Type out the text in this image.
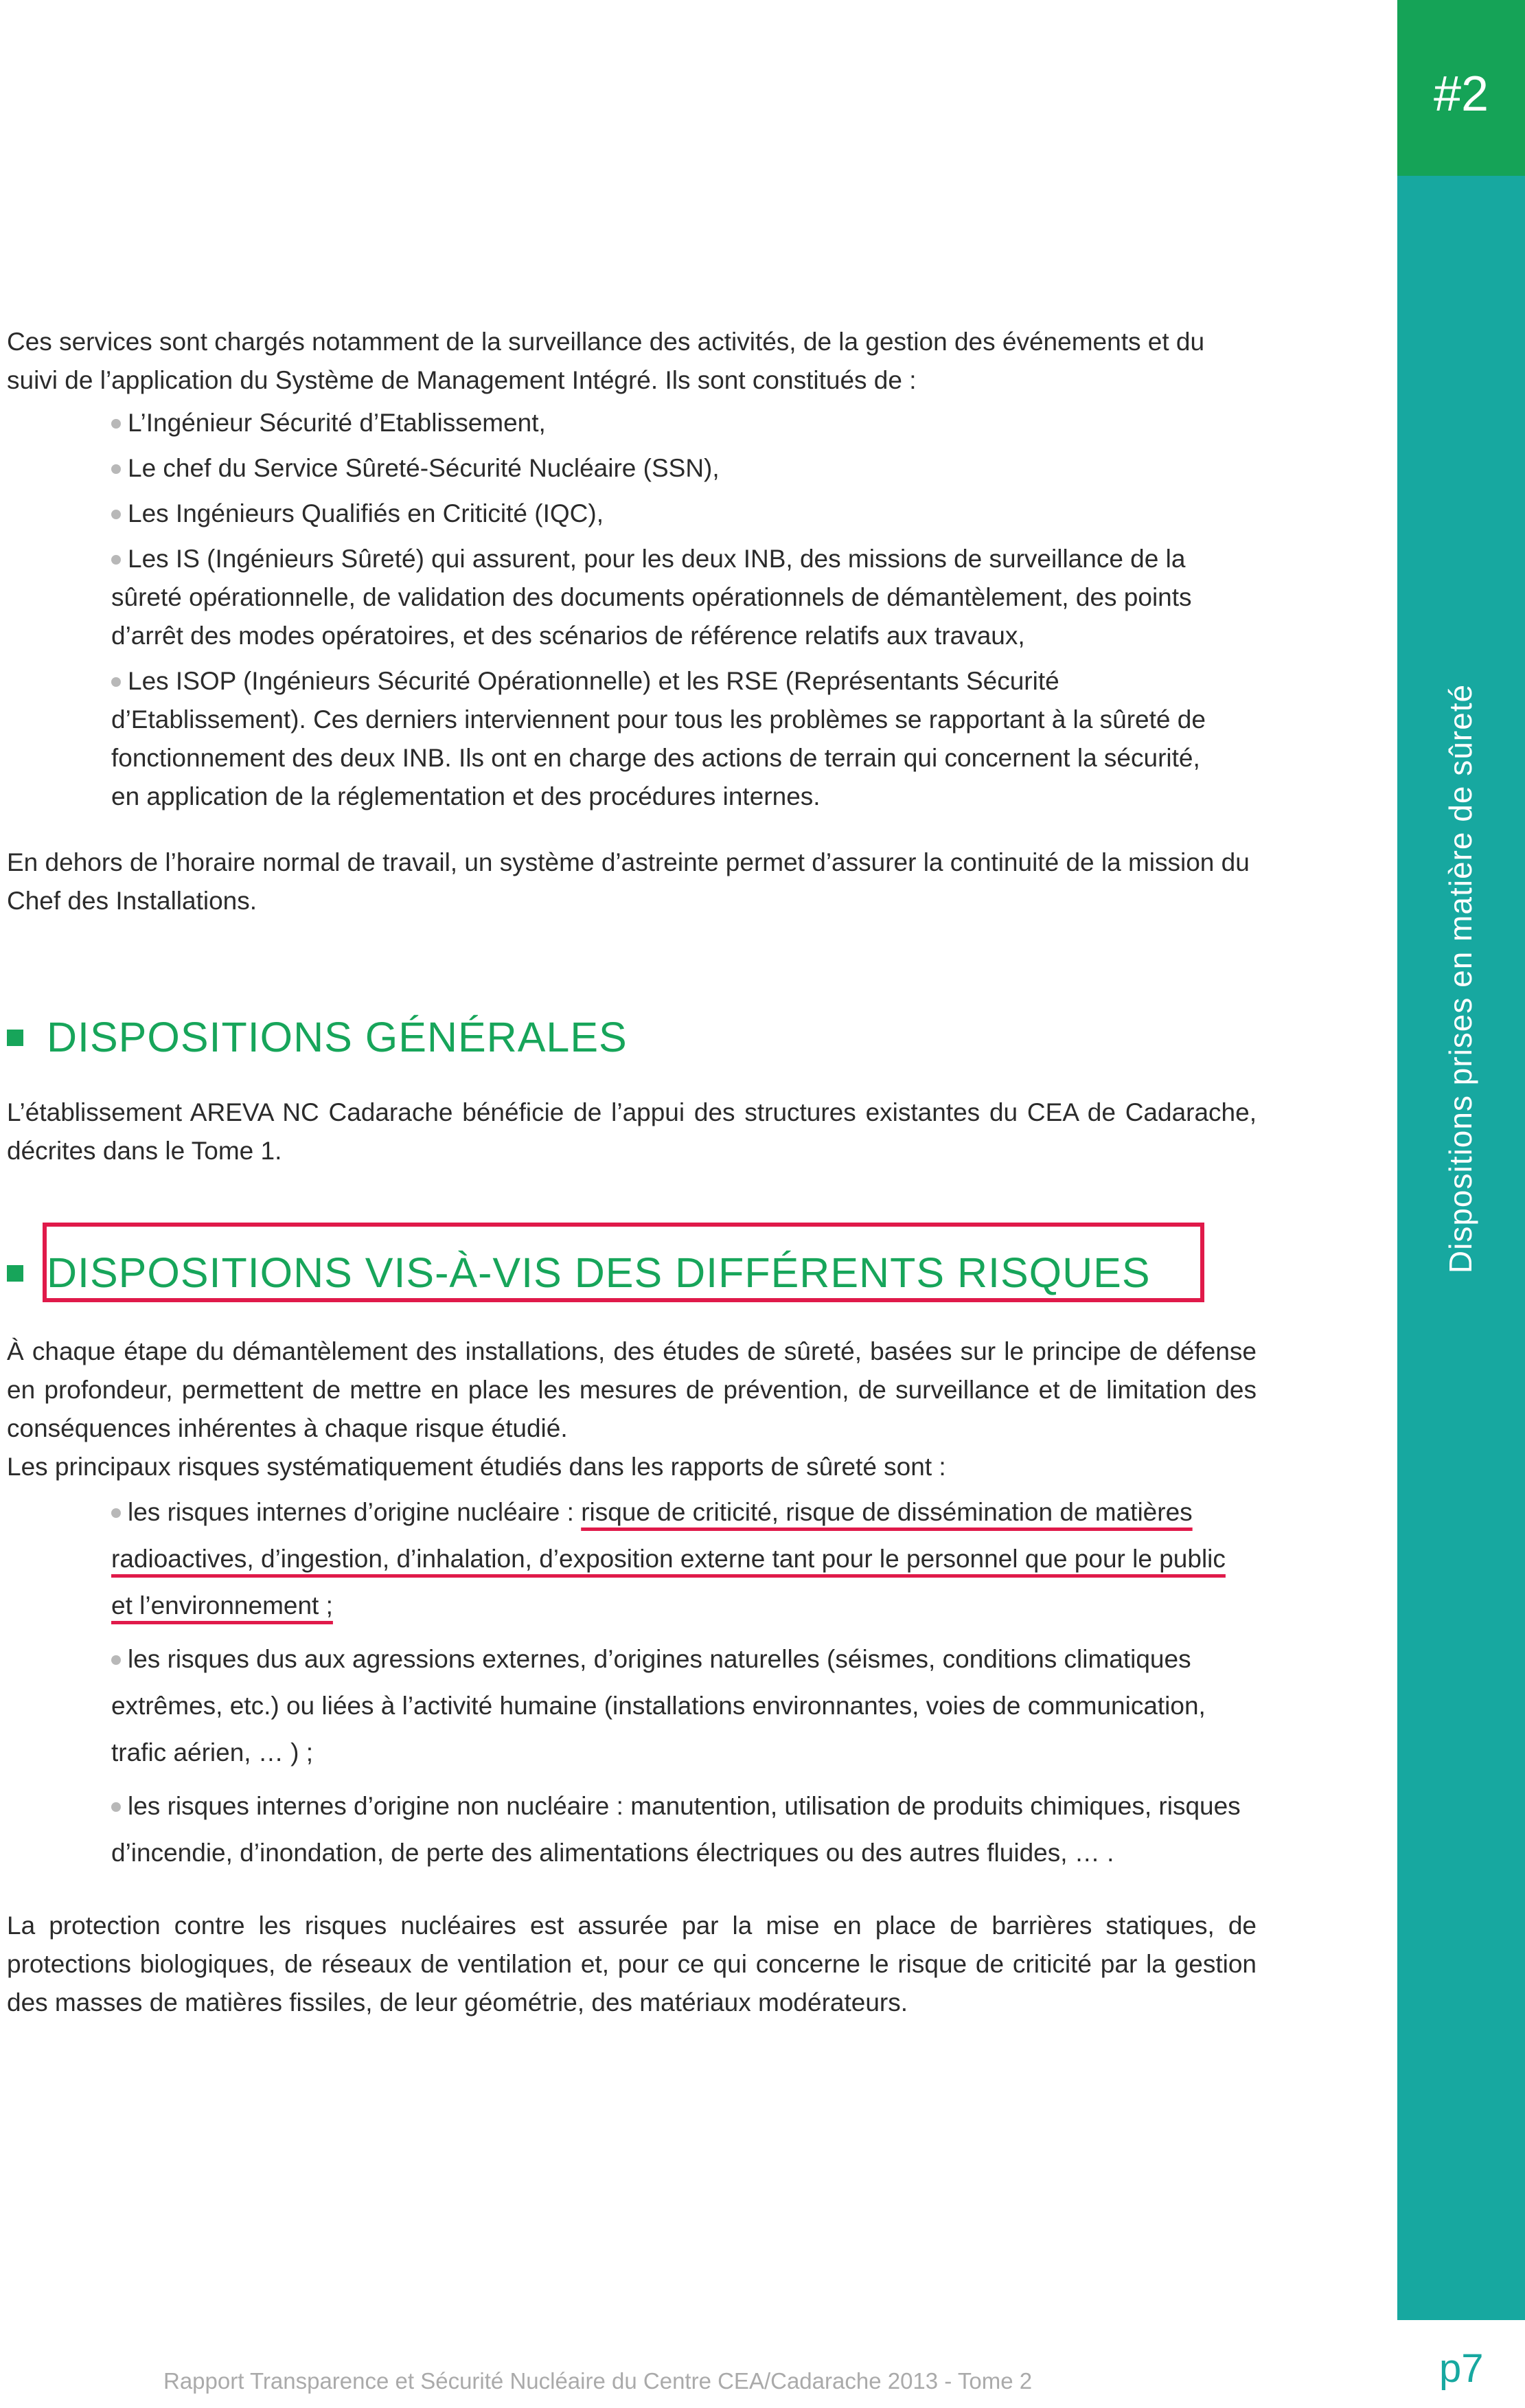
#2
Dispositions prises en matière de sûreté

Ces services sont chargés notamment de la surveillance des activités, de la gestion des événements et du suivi de l’application du Système de Management Intégré. Ils sont constitués de :

L’Ingénieur Sécurité d’Etablissement,
Le chef du Service Sûreté-Sécurité Nucléaire (SSN),
Les Ingénieurs Qualifiés en Criticité (IQC),
Les IS (Ingénieurs Sûreté) qui assurent, pour les deux INB, des missions de surveillance de la sûreté opérationnelle, de validation des documents opérationnels de démantèlement, des points d’arrêt des modes opératoires, et des scénarios de référence relatifs aux travaux,
Les ISOP (Ingénieurs Sécurité Opérationnelle) et les RSE (Représentants Sécurité d’Etablissement). Ces derniers interviennent pour tous les problèmes se rapportant à la sûreté de fonctionnement des deux INB. Ils ont en charge des actions de terrain qui concernent la sécurité, en application de la réglementation et des procédures internes.

En dehors de l’horaire normal de travail, un système d’astreinte permet d’assurer la continuité de la mission du Chef des Installations.

DISPOSITIONS GÉNÉRALES

L’établissement AREVA NC Cadarache bénéficie de l’appui des structures existantes du CEA de Cadarache, décrites dans le Tome 1.

DISPOSITIONS VIS-À-VIS DES DIFFÉRENTS RISQUES

À chaque étape du démantèlement des installations, des études de sûreté, basées sur le principe de défense en profondeur, permettent de mettre en place les mesures de prévention, de surveillance et de limitation des conséquences inhérentes à chaque risque étudié.

Les principaux risques systématiquement étudiés dans les rapports de sûreté sont :

les risques internes d’origine nucléaire : risque de criticité, risque de dissémination de matières radioactives, d’ingestion, d’inhalation, d’exposition externe tant pour le personnel que pour le public et l’environnement ;
les risques dus aux agressions externes, d’origines naturelles (séismes, conditions climatiques extrêmes, etc.) ou liées à l’activité humaine (installations environnantes, voies de communication, trafic aérien, … ) ;
les risques internes d’origine non nucléaire : manutention, utilisation de produits chimiques, risques d’incendie, d’inondation, de perte des alimentations électriques ou des autres fluides, … .

La protection contre les risques nucléaires est assurée par la mise en place de barrières statiques, de protections biologiques, de réseaux de ventilation et, pour ce qui concerne le risque de criticité par la gestion des masses de matières fissiles, de leur géométrie, des matériaux modérateurs.

Rapport Transparence et Sécurité Nucléaire du Centre CEA/Cadarache 2013 - Tome 2	p7
